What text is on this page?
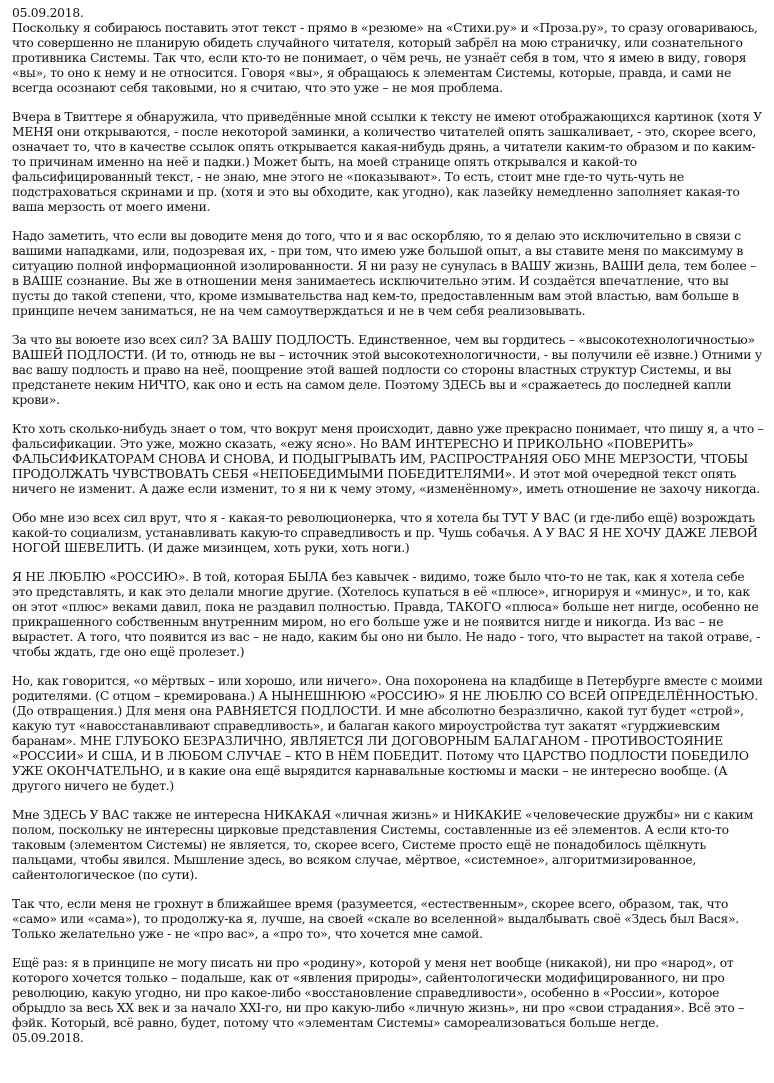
05.09.2018.

Поскольку я собираюсь поставить этот текст - прямо в «резюме» на «Стихи.ру» и «Проза.ру», то сразу оговариваюсь, что совершенно не планирую обидеть случайного читателя, который забрёл на мою страничку, или сознательного противника Системы. Так что, если кто-то не понимает, о чём речь, не узнаёт себя в том, что я имею в виду, говоря «вы», то оно к нему и не относится. Говоря «вы», я обращаюсь к элементам Системы, которые, правда, и сами не всегда осознают себя таковыми, но я считаю, что это уже – не моя проблема.

Вчера в Твиттере я обнаружила, что приведённые мной ссылки к тексту не имеют отображающихся картинок (хотя У МЕНЯ они открываются, - после некоторой заминки, а количество читателей опять зашкаливает, - это, скорее всего, означает то, что в качестве ссылок опять открывается какая-нибудь дрянь, а читатели каким-то образом и по каким-то причинам именно на неё и падки.) Может быть, на моей странице опять открывался и какой-то фальсифицированный текст, - не знаю, мне этого не «показывают». То есть, стоит мне где-то чуть-чуть не подстраховаться скринами и пр. (хотя и это вы обходите, как угодно), как лазейку немедленно заполняет какая-то ваша мерзость от моего имени.

Надо заметить, что если вы доводите меня до того, что и я вас оскорбляю, то я делаю это исключительно в связи с вашими нападками, или, подозревая их, - при том, что имею уже большой опыт, а вы ставите меня по максимуму в ситуацию полной информационной изолированности. Я ни разу не сунулась в ВАШУ жизнь, ВАШИ дела, тем более – в ВАШЕ сознание. Вы же в отношении меня занимаетесь исключительно этим. И создаётся впечатление, что вы пусты до такой степени, что, кроме измывательства над кем-то, предоставленным вам этой властью, вам больше в принципе нечем заниматься, не на чем самоутверждаться и не в чем себя реализовывать.

За что вы воюете изо всех сил? ЗА ВАШУ ПОДЛОСТЬ. Единственное, чем вы гордитесь – «высокотехнологичностью» ВАШЕЙ ПОДЛОСТИ. (И то, отнюдь не вы – источник этой высокотехнологичности, - вы получили её извне.) Отними у вас вашу подлость и право на неё, поощрение этой вашей подлости со стороны властных структур Системы, и вы предстанете неким НИЧТО, как оно и есть на самом деле. Поэтому ЗДЕСЬ вы и «сражаетесь до последней капли крови».

Кто хоть сколько-нибудь знает о том, что вокруг меня происходит, давно уже прекрасно понимает, что пишу я, а что – фальсификации. Это уже, можно сказать, «ежу ясно». Но ВАМ ИНТЕРЕСНО И ПРИКОЛЬНО «ПОВЕРИТЬ» ФАЛЬСИФИКАТОРАМ СНОВА И СНОВА, И ПОДЫГРЫВАТЬ ИМ, РАСПРОСТРАНЯЯ ОБО МНЕ МЕРЗОСТИ, ЧТОБЫ ПРОДОЛЖАТЬ ЧУВСТВОВАТЬ СЕБЯ «НЕПОБЕДИМЫМИ ПОБЕДИТЕЛЯМИ». И этот мой очередной текст опять ничего не изменит. А даже если изменит, то я ни к чему этому, «изменённому», иметь отношение не захочу никогда.

Обо мне изо всех сил врут, что я - какая-то революционерка, что я хотела бы ТУТ У ВАС (и где-либо ещё) возрождать какой-то социализм, устанавливать какую-то справедливость и пр. Чушь собачья. А У ВАС Я НЕ ХОЧУ ДАЖЕ ЛЕВОЙ НОГОЙ ШЕВЕЛИТЬ. (И даже мизинцем, хоть руки, хоть ноги.)

Я НЕ ЛЮБЛЮ «РОССИЮ». В той, которая БЫЛА без кавычек - видимо, тоже было что-то не так, как я хотела себе это представлять, и как это делали многие другие. (Хотелось купаться в её «плюсе», игнорируя и «минус», и то, как он этот «плюс» веками давил, пока не раздавил полностью. Правда, ТАКОГО «плюса» больше нет нигде, особенно не прикрашенного собственным внутренним миром, но его больше уже и не появится нигде и никогда. Из вас – не вырастет. А того, что появится из вас – не надо, каким бы оно ни было. Не надо - того, что вырастет на такой отраве, - чтобы ждать, где оно ещё пролезет.)

Но, как говорится, «о мёртвых – или хорошо, или ничего». Она похоронена на кладбище в Петербурге вместе с моими родителями. (С отцом – кремирована.) А НЫНЕШНЮЮ «РОССИЮ» Я НЕ ЛЮБЛЮ СО ВСЕЙ ОПРЕДЕЛЁННОСТЬЮ. (До отвращения.) Для меня она РАВНЯЕТСЯ ПОДЛОСТИ. И мне абсолютно безразлично, какой тут будет «строй», какую тут «навосстанавливают справедливость», и балаган какого мироустройства тут закатят «гурджиевским баранам». МНЕ ГЛУБОКО БЕЗРАЗЛИЧНО, ЯВЛЯЕТСЯ ЛИ ДОГОВОРНЫМ БАЛАГАНОМ - ПРОТИВОСТОЯНИЕ «РОССИИ» И США, И В ЛЮБОМ СЛУЧАЕ – КТО В НЁМ ПОБЕДИТ. Потому что ЦАРСТВО ПОДЛОСТИ ПОБЕДИЛО УЖЕ ОКОНЧАТЕЛЬНО, и в какие она ещё вырядится карнавальные костюмы и маски – не интересно вообще. (А другого ничего не будет.)

Мне ЗДЕСЬ У ВАС также не интересна НИКАКАЯ «личная жизнь» и НИКАКИЕ «человеческие дружбы» ни с каким полом, поскольку не интересны цирковые представления Системы, составленные из её элементов. А если кто-то таковым (элементом Системы) не является, то, скорее всего, Системе просто ещё не понадобилось щёлкнуть пальцами, чтобы явился. Мышление здесь, во всяком случае, мёртвое, «системное», алгоритмизированное, сайентологическое (по сути).

Так что, если меня не грохнут в ближайшее время (разумеется, «естественным», скорее всего, образом, так, что «само» или «сама»), то продолжу-ка я, лучше, на своей «скале во вселенной» выдалбывать своё «Здесь был Вася». Только желательно уже - не «про вас», а «про то», что хочется мне самой.

Ещё раз: я в принципе не могу писать ни про «родину», которой у меня нет вообще (никакой), ни про «народ», от которого хочется только – подальше, как от «явления природы», сайентологически модифицированного, ни про революцию, какую угодно, ни про какое-либо «восстановление справедливости», особенно в «России», которое обрыдло за весь XX век и за начало XXI-го, ни про какую-либо «личную жизнь», ни про «свои страдания». Всё это – фэйк. Который, всё равно, будет, потому что «элементам Системы» самореализоваться больше негде.

05.09.2018.
